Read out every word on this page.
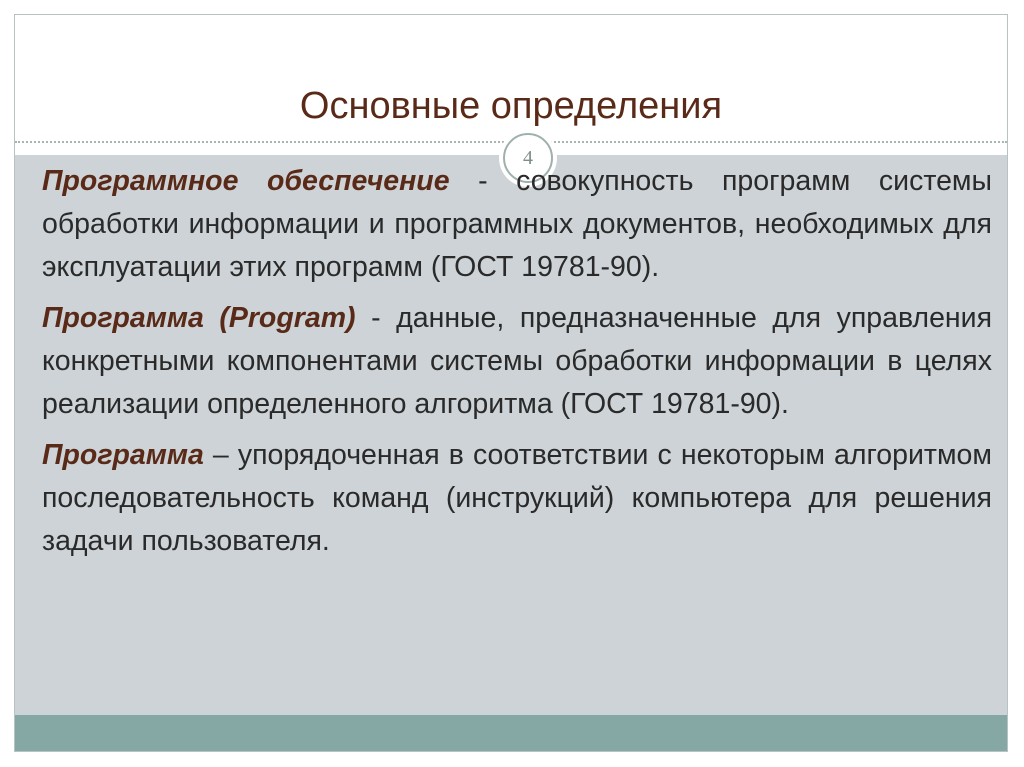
Основные определения
4

Программное обеспечение - совокупность программ системы обработки информации и программных документов, необходимых для эксплуатации этих программ (ГОСТ 19781-90).

Программа (Program) - данные, предназначенные для управления конкретными компонентами системы обработки информации в целях реализации определенного алгоритма (ГОСТ 19781-90).

Программа – упорядоченная в соответствии с некоторым алгоритмом последовательность команд (инструкций) компьютера для решения задачи пользователя.
